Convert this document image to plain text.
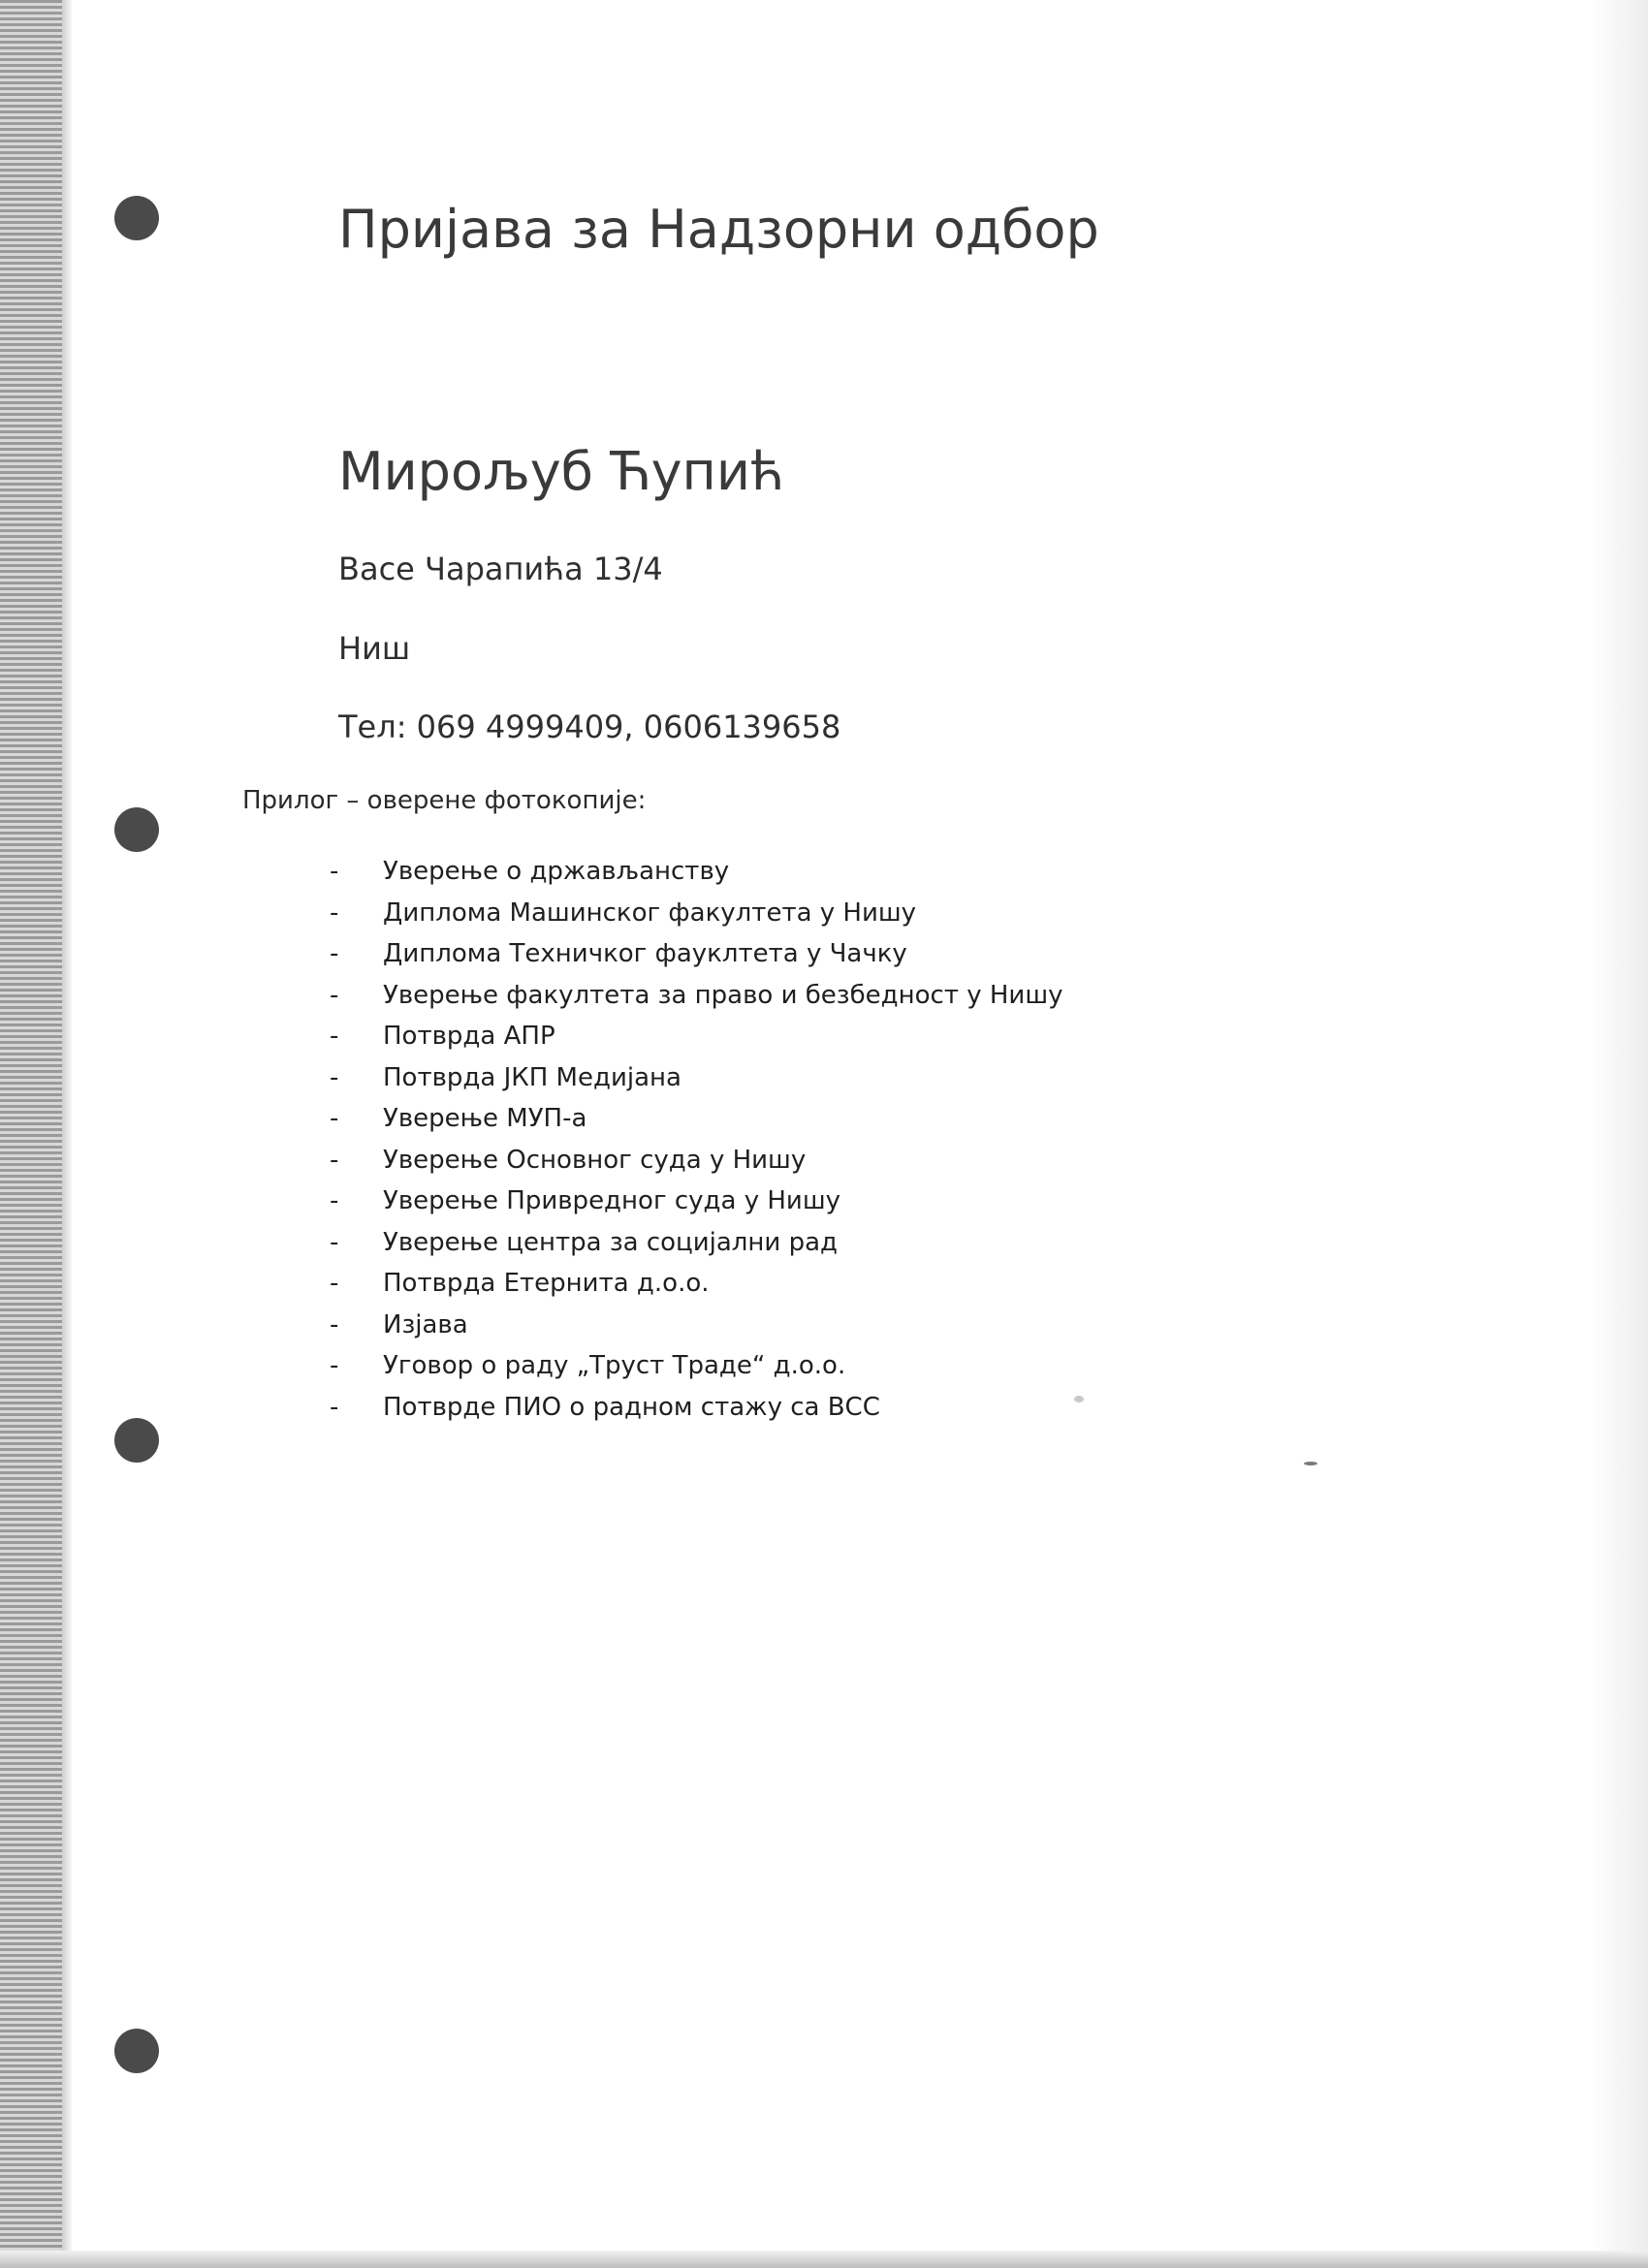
Пријава за Надзорни одбор
Мирољуб Ћупић
Васе Чарапића 13/4
Ниш
Тел: 069 4999409, 0606139658
Прилог – оверене фотокопије:
-	Уверење о држављанству
-	Диплома Машинског факултета у Нишу
-	Диплома Техничког фауклтета у Чачку
-	Уверење факултета за право и безбедност у Нишу
-	Потврда АПР
-	Потврда ЈКП Медијана
-	Уверење МУП-а
-	Уверење Основног суда у Нишу
-	Уверење Привредног суда у Нишу
-	Уверење центра за социјални рад
-	Потврда Етернита д.о.о.
-	Изјава
-	Уговор о раду „Труст Траде“ д.о.о.
-	Потврде ПИО о радном стажу са ВСС
